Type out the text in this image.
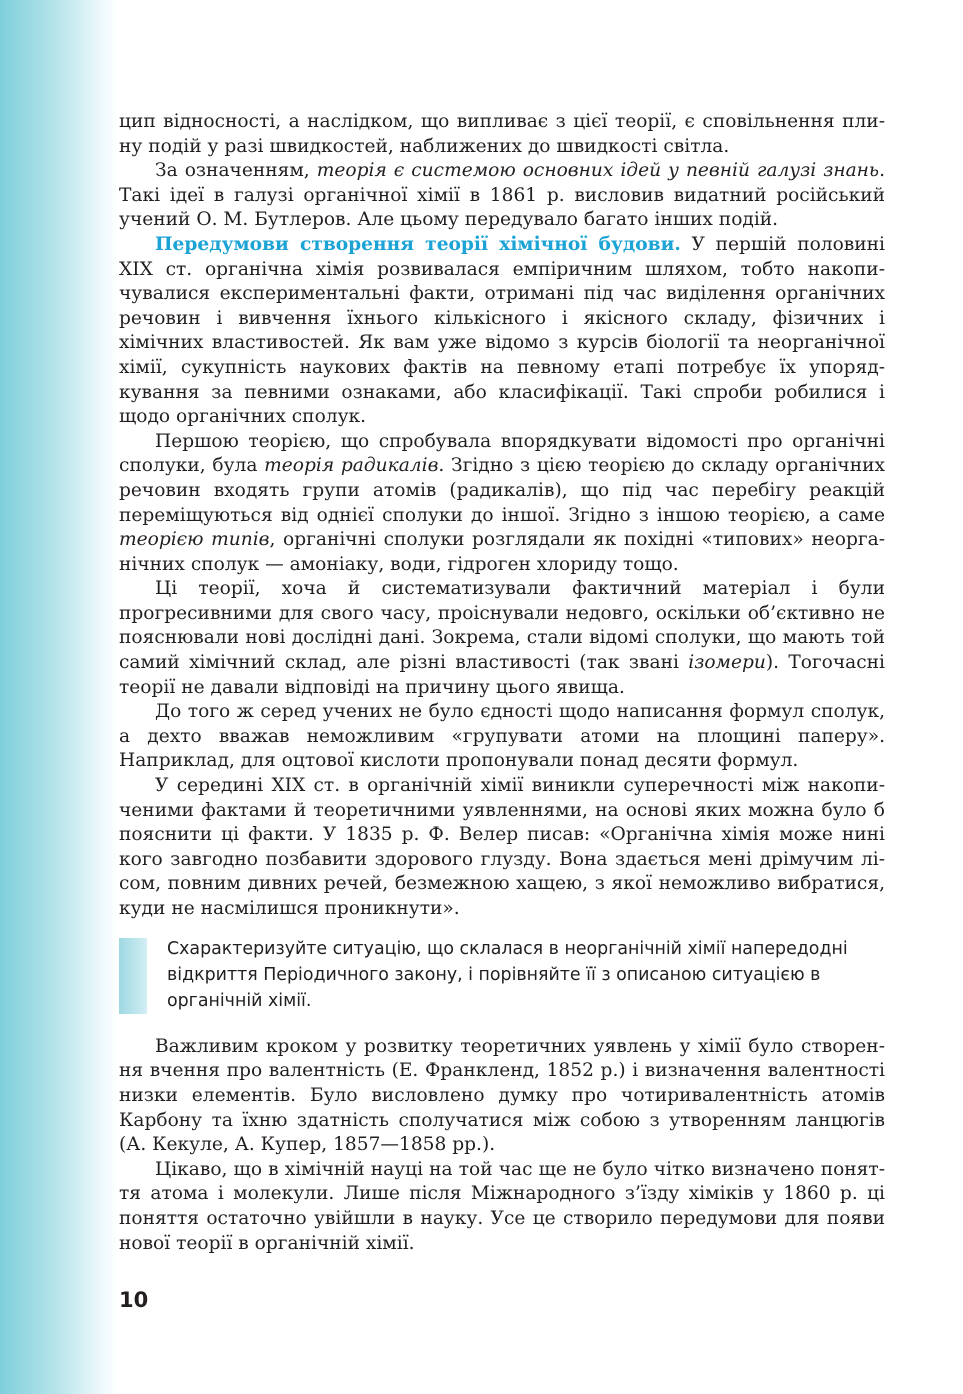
цип відносності, а наслідком, що випливає з цієї теорії, є сповільнення плину подій у разі швидкостей, наближених до швидкості світла.

За означенням, теорія є системою основних ідей у певній галузі знань. Такі ідеї в галузі органічної хімії в 1861 р. висловив видатний російський учений О. М. Бутлеров. Але цьому передувало багато інших подій.

Передумови створення теорії хімічної будови. У першій половині XIX ст. органічна хімія розвивалася емпіричним шляхом, тобто накопичувалися експериментальні факти, отримані під час виділення органічних речовин і вивчення їхнього кількісного і якісного складу, фізичних і хімічних властивостей. Як вам уже відомо з курсів біології та неорганічної хімії, сукупність наукових фактів на певному етапі потребує їх упорядкування за певними ознаками, або класифікації. Такі спроби робилися і щодо органічних сполук.

Першою теорією, що спробувала впорядкувати відомості про органічні сполуки, була теорія радикалів. Згідно з цією теорією до складу органічних речовин входять групи атомів (радикалів), що під час перебігу реакцій переміщуються від однієї сполуки до іншої. Згідно з іншою теорією, а саме теорією типів, органічні сполуки розглядали як похідні «типових» неорганічних сполук — амоніаку, води, гідроген хлориду тощо.

Ці теорії, хоча й систематизували фактичний матеріал і були прогресивними для свого часу, проіснували недовго, оскільки об’єктивно не пояснювали нові дослідні дані. Зокрема, стали відомі сполуки, що мають той самий хімічний склад, але різні властивості (так звані ізомери). Тогочасні теорії не давали відповіді на причину цього явища.

До того ж серед учених не було єдності щодо написання формул сполук, а дехто вважав неможливим «групувати атоми на площині паперу». Наприклад, для оцтової кислоти пропонували понад десяти формул.

У середині XIX ст. в органічній хімії виникли суперечності між накопиченими фактами й теоретичними уявленнями, на основі яких можна було б пояснити ці факти. У 1835 р. Ф. Велер писав: «Органічна хімія може нині кого завгодно позбавити здорового глузду. Вона здається мені дрімучим лісом, повним дивних речей, безмежною хащею, з якої неможливо вибратися, куди не насмілишся проникнути».

Схарактеризуйте ситуацію, що склалася в неорганічній хімії напередодні відкриття Періодичного закону, і порівняйте її з описаною ситуацією в органічній хімії.

Важливим кроком у розвитку теоретичних уявлень у хімії було створення вчення про валентність (Е. Франкленд, 1852 р.) і визначення валентності низки елементів. Було висловлено думку про чотиривалентність атомів Карбону та їхню здатність сполучатися між собою з утворенням ланцюгів (А. Кекуле, А. Купер, 1857—1858 рр.).

Цікаво, що в хімічній науці на той час ще не було чітко визначено поняття атома і молекули. Лише після Міжнародного з’їзду хіміків у 1860 р. ці поняття остаточно увійшли в науку. Усе це створило передумови для появи нової теорії в органічній хімії.

10
